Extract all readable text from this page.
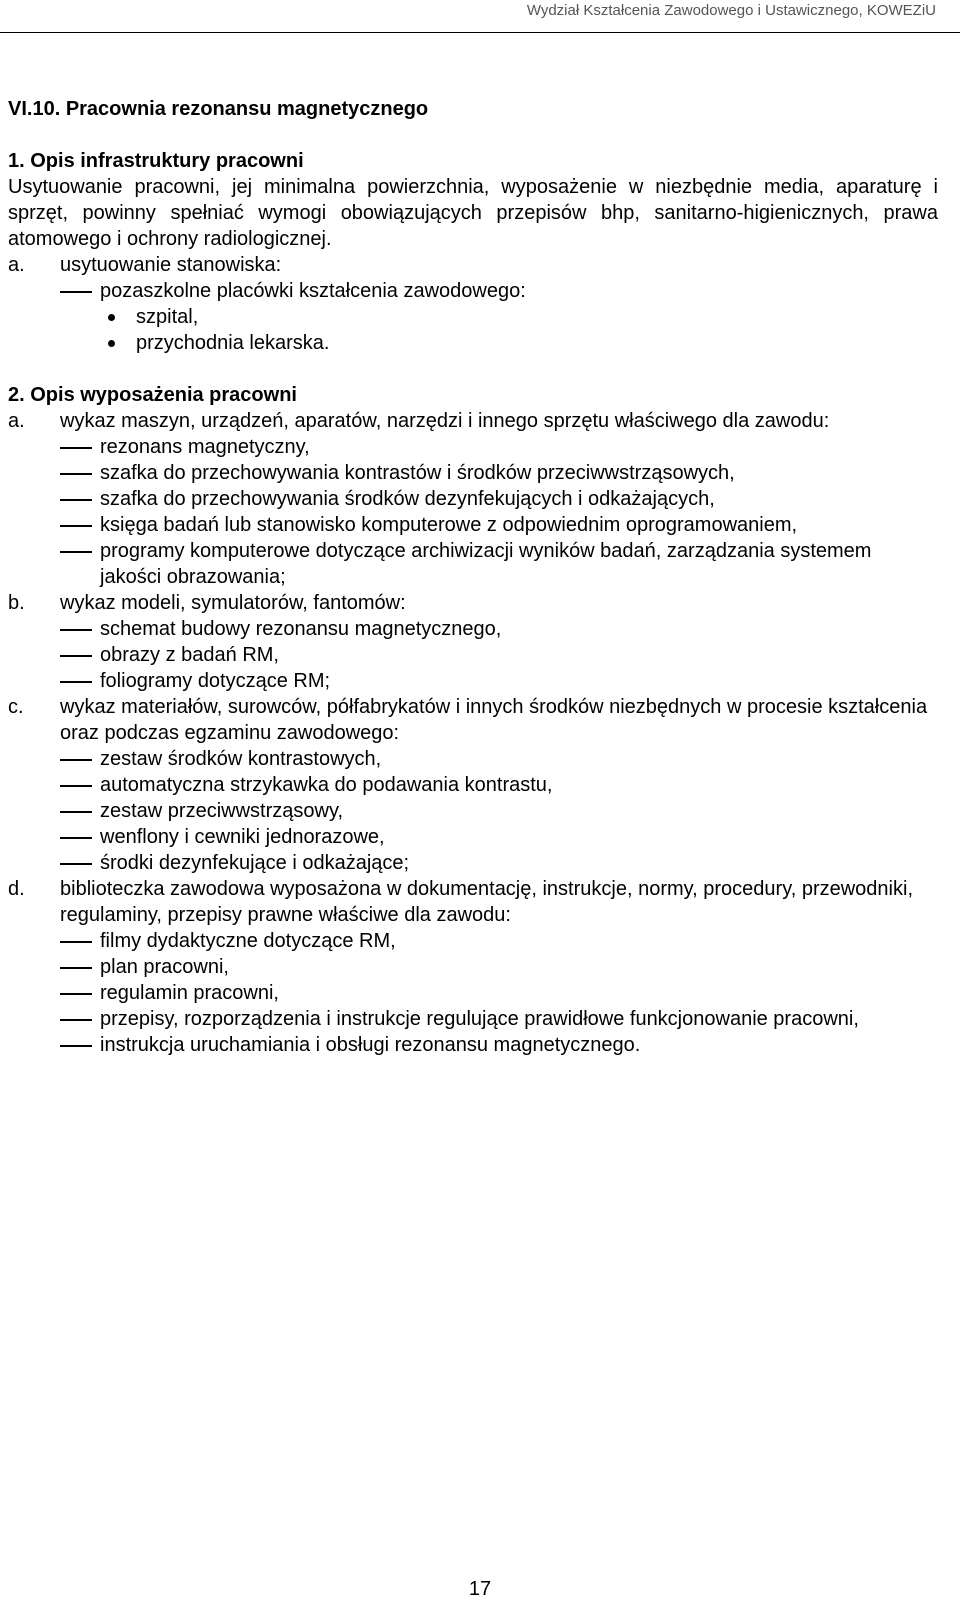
Wydział Kształcenia Zawodowego i Ustawicznego, KOWEZiU
VI.10. Pracownia rezonansu magnetycznego
1. Opis infrastruktury pracowni

Usytuowanie pracowni, jej minimalna powierzchnia, wyposażenie w niezbędnie media, aparaturę i sprzęt, powinny spełniać wymogi obowiązujących przepisów bhp, sanitarno-higienicznych, prawa atomowego i ochrony radiologicznej.

a.	usytuowanie stanowiska:
pozaszkolne placówki kształcenia zawodowego:
szpital,
przychodnia lekarska.
2. Opis wyposażenia pracowni
a.	wykaz maszyn, urządzeń, aparatów, narzędzi i innego sprzętu właściwego dla zawodu:
rezonans magnetyczny,
szafka do przechowywania kontrastów i środków przeciwwstrząsowych,
szafka do przechowywania środków dezynfekujących i odkażających,
księga badań lub stanowisko komputerowe z odpowiednim oprogramowaniem,
programy komputerowe dotyczące archiwizacji wyników badań, zarządzania systemem jakości obrazowania;
b.	wykaz modeli, symulatorów, fantomów:
schemat budowy rezonansu magnetycznego,
obrazy z badań RM,
foliogramy dotyczące RM;
c.	wykaz materiałów, surowców, półfabrykatów i innych środków niezbędnych w procesie kształcenia oraz podczas egzaminu zawodowego:
zestaw środków kontrastowych,
automatyczna strzykawka do podawania kontrastu,
zestaw przeciwwstrząsowy,
wenflony i cewniki jednorazowe,
środki dezynfekujące i odkażające;
d.	biblioteczka zawodowa wyposażona w dokumentację, instrukcje, normy, procedury, przewodniki, regulaminy, przepisy prawne właściwe dla zawodu:
filmy dydaktyczne dotyczące RM,
plan pracowni,
regulamin pracowni,
przepisy, rozporządzenia i instrukcje regulujące prawidłowe funkcjonowanie pracowni,
instrukcja uruchamiania i obsługi rezonansu magnetycznego.
17
